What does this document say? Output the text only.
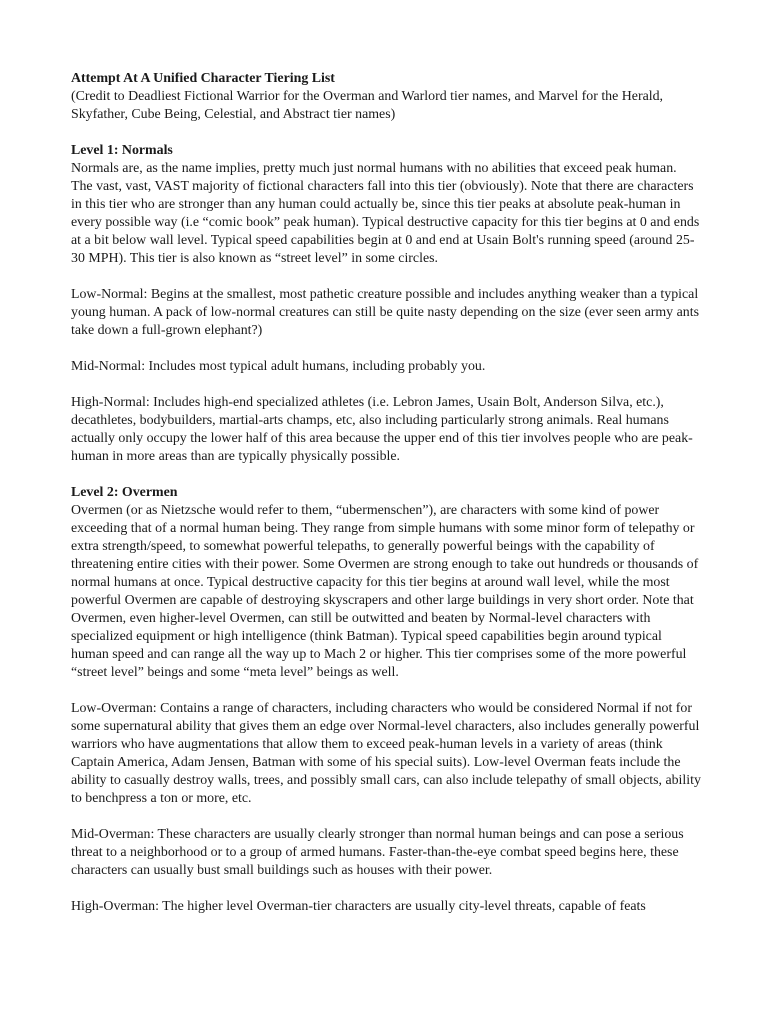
Attempt At A Unified Character Tiering List
(Credit to Deadliest Fictional Warrior for the Overman and Warlord tier names, and Marvel for the Herald, Skyfather, Cube Being, Celestial, and Abstract tier names)
Level 1: Normals
Normals are, as the name implies, pretty much just normal humans with no abilities that exceed peak human. The vast, vast, VAST majority of fictional characters fall into this tier (obviously). Note that there are characters in this tier who are stronger than any human could actually be, since this tier peaks at absolute peak-human in every possible way (i.e “comic book” peak human). Typical destructive capacity for this tier begins at 0 and ends at a bit below wall level. Typical speed capabilities begin at 0 and end at Usain Bolt's running speed (around 25-30 MPH). This tier is also known as “street level” in some circles.

Low-Normal: Begins at the smallest, most pathetic creature possible and includes anything weaker than a typical young human. A pack of low-normal creatures can still be quite nasty depending on the size (ever seen army ants take down a full-grown elephant?)

Mid-Normal: Includes most typical adult humans, including probably you.

High-Normal: Includes high-end specialized athletes (i.e. Lebron James, Usain Bolt, Anderson Silva, etc.), decathletes, bodybuilders, martial-arts champs, etc, also including particularly strong animals. Real humans actually only occupy the lower half of this area because the upper end of this tier involves people who are peak-human in more areas than are typically physically possible.

Level 2: Overmen
Overmen (or as Nietzsche would refer to them, “ubermenschen”), are characters with some kind of power exceeding that of a normal human being. They range from simple humans with some minor form of telepathy or extra strength/speed, to somewhat powerful telepaths, to generally powerful beings with the capability of threatening entire cities with their power. Some Overmen are strong enough to take out hundreds or thousands of normal humans at once. Typical destructive capacity for this tier begins at around wall level, while the most powerful Overmen are capable of destroying skyscrapers and other large buildings in very short order. Note that Overmen, even higher-level Overmen, can still be outwitted and beaten by Normal-level characters with specialized equipment or high intelligence (think Batman). Typical speed capabilities begin around typical human speed and can range all the way up to Mach 2 or higher. This tier comprises some of the more powerful “street level” beings and some “meta level” beings as well.

Low-Overman: Contains a range of characters, including characters who would be considered Normal if not for some supernatural ability that gives them an edge over Normal-level characters, also includes generally powerful warriors who have augmentations that allow them to exceed peak-human levels in a variety of areas (think Captain America, Adam Jensen, Batman with some of his special suits). Low-level Overman feats include the ability to casually destroy walls, trees, and possibly small cars, can also include telepathy of small objects, ability to benchpress a ton or more, etc.

Mid-Overman: These characters are usually clearly stronger than normal human beings and can pose a serious threat to a neighborhood or to a group of armed humans. Faster-than-the-eye combat speed begins here, these characters can usually bust small buildings such as houses with their power.

High-Overman: The higher level Overman-tier characters are usually city-level threats, capable of feats
